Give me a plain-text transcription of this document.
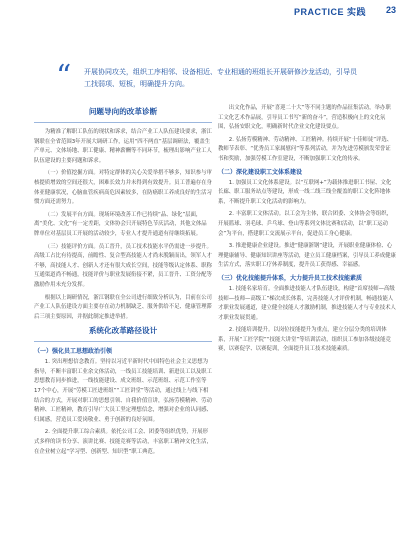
PRACTICE 实践 23
“ 开展协同攻关，组织工序相邻、设备相近、专业相通的班组长开展研修沙龙活动，引导员工找弱项、短板，明确提升方向。
问题导向的改革诊断

为精准了解职工队伍的现状和诉求，结合产业工人队伍建设要求，浙江钢联在全省范围3年开展大调研工作，运用“四不两直”基层调研法，覆盖生产单元、文体场地、职工健康、精神薪酬等不同环节，梳理出影响产业工人队伍建设的主要问题和诉求。

（一）价值挖掘方面。对特定群体的关心关爱举措不够多，知识参与审核提质增效的空间还很大，困难长效力并未得到有效提升。员工普遍存在身体亚健康状况，心脑血管疾病高危因素较多，在防癌职工养成良好的生活习惯方面还需努力。

（二）发展平台方面。现场环境改善工作已持续“品、绿化”层面，离“美化、文化”有一定差距，文体协会只开展特色节庆活动，其他文体品牌单位对基层员工开展的活动较少，专业人才提升通道有待继续拓展。

（三）技能评价方面。员工晋升，员工技术技能水平仍需进一步提升。高级工占比有待提高，前瞻性、复合型高技能人才尚未脱颖而出，领军人才不够，高技能人才、创新人才还有很大成长空间，技能等级认定体系、职称互通渠道尚不畅通，技能评价与职业发展衔接不紧，员工晋升、工资分配等激励作用未充分发挥。

根据以上调研情况，浙江钢联在全公司进行细致分析认为，目前在公司产业工人队伍建设方面主要存在动力机制缺乏、服务供给不足、健康管理滞后三项主要原因，并据此制定推进举措。

系统化改革路径设计
（一）强化员工思想政治引领

1. 突出理想信念教育。坚持以习近平新时代中国特色社会主义思想为指导，不断丰富职工业余文体活动，一线员工技能培训、新进员工以及职工思想教育同步推进，一线技能建设、成文班组、示范班组、示范工作室等17个中心，开展“劳模工匠进班组”“工匠讲堂”等活动，通过线上与线下相结合的方式，开展对职工的思想引领、自我价值宣讲，弘扬劳模精神、劳动精神、工匠精神，教育引导广大员工坚定理想信念，增强对企业的认同感、归属感，营造员工爱岗敬业、勇于创新的良好氛围。

2. 全面提升职工综合素质。依托公司工会、团委等组织优势，开展形式多样的读书分享、演讲比赛、技能竞赛等活动，丰富职工精神文化生活，在企业树立起“学习型、创新型、知识型”职工典范。

出文化作品，开展“喜迎二十大”等不同主题的作品征集活动，举办职工文化艺术作品展，引导员工书写“新的奋斗”，营造积极向上的文化氛围，弘扬安职文化，明确新时代企业文化建设要点。

2. 弘扬劳模精神、劳动精神、工匠精神。持续开展“十佳师徒”评选、教师节表彰、“优秀员工家属慰问”等系列活动，并为先进劳模颁发荣誉证书和奖励，加强劳模工作室建设，不断加强职工文化的传承。

（二）深化建设职工文体系建设

1. 加强员工文化体系建设。以“互联网+”为载体推进职工书屋、文化长廊、职工服务站点等建设，形成一线二线三线全覆盖的职工文化阵地体系，不断提升职工文化活动的影响力。

2. 丰富职工文体活动。以工会为主体，联合团委、文体协会等组织，开展篮球、羽毛球、乒乓球、登山等系列文体比赛和活动，以“职工运动会”为平台，搭建职工交流展示平台，促进员工身心健康。

3. 推进健康企业建设。推进“健康浙钢”建设，开展职业健康体检、心理健康辅导、健康知识讲座等活动，建立员工健康档案，引导员工养成健康生活方式，落实职工疗休养制度，提升员工获得感、幸福感。

（三）优化技能提升体系，大力提升员工技术技能素质

1. 技能名家培育。全面推进技能人才队伍建设，构建“首席技师—高级技师—技师—高级工”梯次成长体系，完善技能人才评价机制，畅通技能人才职业发展通道，建立健全技能人才激励机制，推进技能人才与专业技术人才职业发展贯通。

2. 技能培训提升。以岗位技能提升为重点，建立分层分类的培训体系，开展“工匠学院”“技能大讲堂”等培训活动，组织员工参加各级技能竞赛，以赛促学、以赛促训，全面提升员工技术技能素质。
